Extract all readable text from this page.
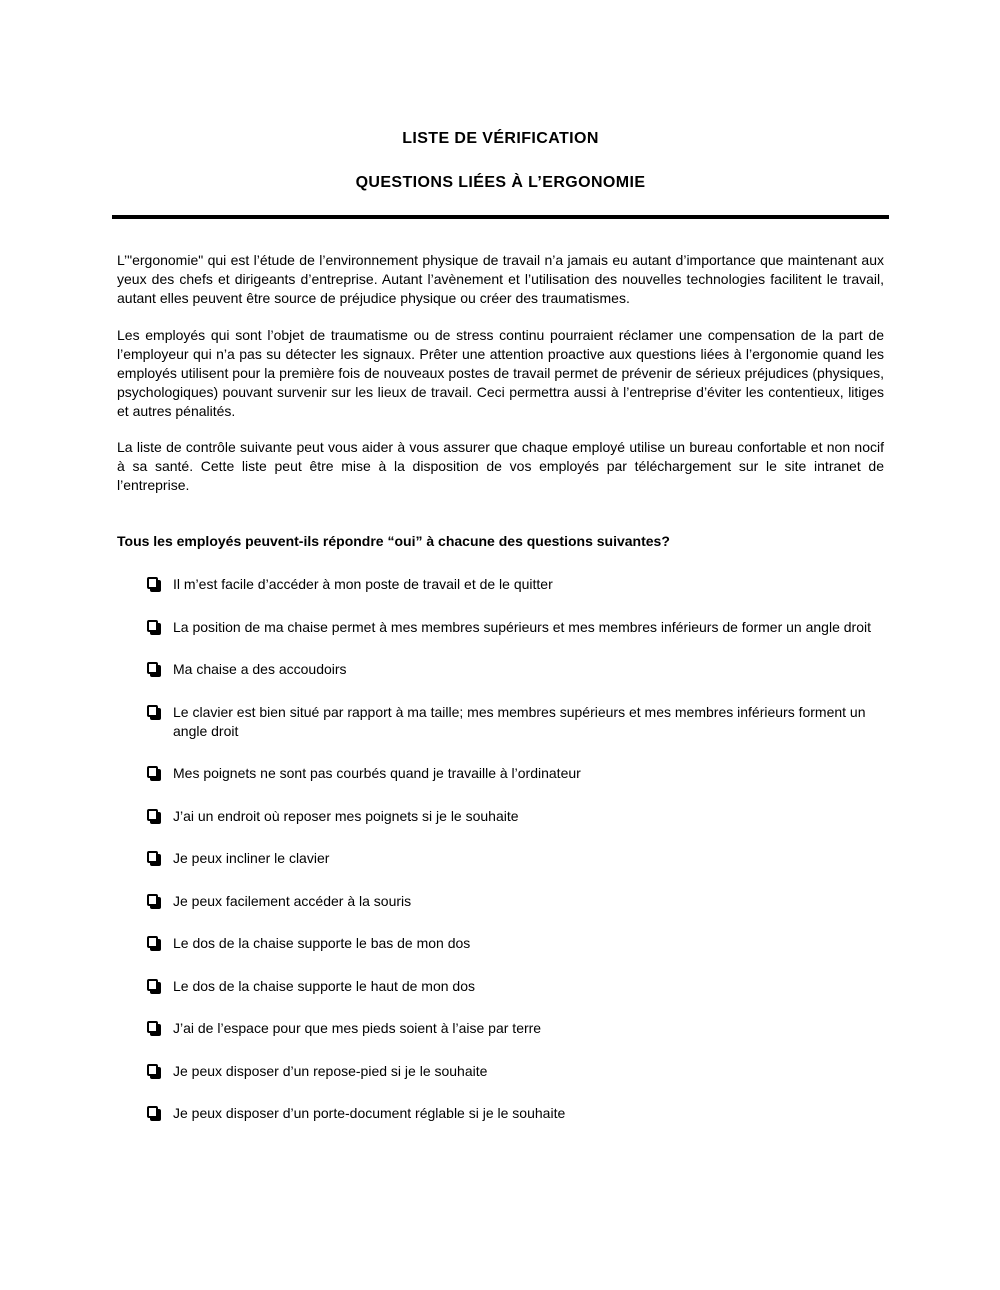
LISTE DE VÉRIFICATION
QUESTIONS LIÉES À L’ERGONOMIE

L’"ergonomie" qui est l’étude de l’environnement physique de travail n’a jamais eu autant d’importance que maintenant aux yeux des chefs et dirigeants d’entreprise. Autant l’avènement et l’utilisation des nouvelles technologies facilitent le travail, autant elles peuvent être source de préjudice physique ou créer des traumatismes.

Les employés qui sont l’objet de traumatisme ou de stress continu pourraient réclamer une compensation de la part de l’employeur qui n’a pas su détecter les signaux. Prêter une attention proactive aux questions liées à l’ergonomie quand les employés utilisent pour la première fois de nouveaux postes de travail permet de prévenir de sérieux préjudices (physiques, psychologiques) pouvant survenir sur les lieux de travail. Ceci permettra aussi à l’entreprise d’éviter les contentieux, litiges et autres pénalités.

La liste de contrôle suivante peut vous aider à vous assurer que chaque employé utilise un bureau confortable et non nocif à sa santé. Cette liste peut être mise à la disposition de vos employés par téléchargement sur le site intranet de l’entreprise.

Tous les employés peuvent-ils répondre “oui” à chacune des questions suivantes?

Il m’est facile d’accéder à mon poste de travail et de le quitter
La position de ma chaise permet à mes membres supérieurs et mes membres inférieurs de former un angle droit
Ma chaise a des accoudoirs
Le clavier est bien situé par rapport à ma taille; mes membres supérieurs et mes membres inférieurs forment un angle droit
Mes poignets ne sont pas courbés quand je travaille à l’ordinateur
J’ai un endroit où reposer mes poignets si je le souhaite
Je peux incliner le clavier
Je peux facilement accéder à la souris
Le dos de la chaise supporte le bas de mon dos
Le dos de la chaise supporte le haut de mon dos
J’ai de l’espace pour que mes pieds soient à l’aise par terre
Je peux disposer d’un repose-pied si je le souhaite
Je peux disposer d’un porte-document réglable si je le souhaite
